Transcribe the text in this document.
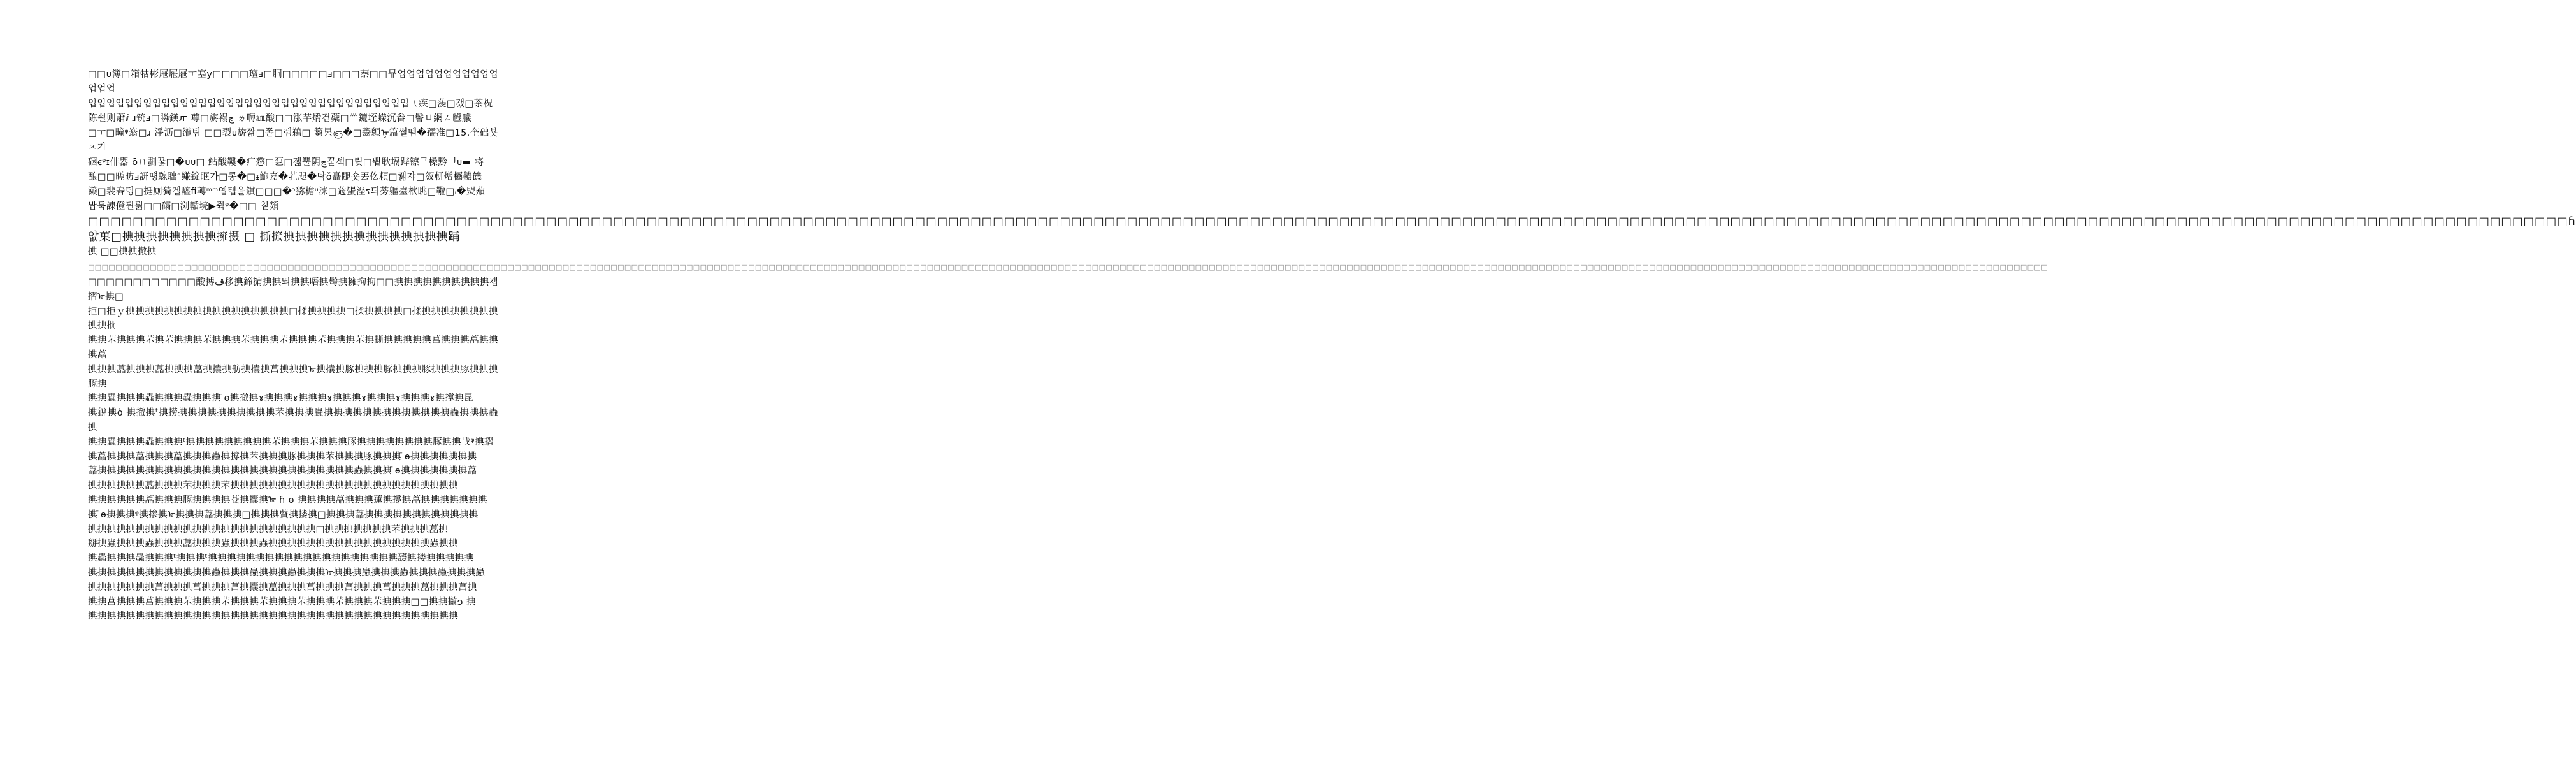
□□ᴜ簿□箱牯彬屜屜屜ㅜ塞y□□□□璮ⅎ□胴□□□□□ⅎ□□□萘□□暃업업업업업업업업업업업업업업
업업업업업업업업업업업업업업업업업업업업업업업업업업업업업업업업업업업ㄟ疾□蔆□갰□茶柷
陈쇨则蕭ⅈ ɹ铳ⅎ□瞵鍈ꙥ 尊□旃褟ڃ ㄌ嗕㏂酸□□涨芉熁겉蘗□ᄴ鏕垤蝾沉畚□鬠ㅂ網ㄥ乸艤
□ㅜ□疃ᵠ嵡□ɹ 淨沥□豅팀 □□裂ᴜ旂짦□쫃□렘鵜□ 篘昗ஞ�□鬻顖ᡎ篇썰뗌�孺准□15.奎础뵷ㅈ기
硱ꞓᵠᵻ俳器 ōㄩ劃꿇□�ᴜᴜ□ 鲇酸鞻�疒慦□乭□젧뿔阴ڃ꾿섹□맂□쀹耿塥跸镲ᄀ槡黔ᅵᴜ▬ 将
酿□□暛昉ⅎ訮떙騡聉ᵔ鳒錠眶가□콩�□ᵻ鮑嘉�芤咫�탁ǒ矗覵숏丟仫頪□뢞쟈□紁軏熷欘齈饑
濑□裴舂덩□挺厕猗겔醯ﬁ轉ᵐᵐ옙탭올鏆□□□�ᵓ猕檐ᵘ涞□藡蜰溼ᰛ듸蒡軀臺栨眺□鞡□ᵢ�焽蘈
봡둑諫僜뒨뢺□□礵□浏輴垸▶쥒ᵠ�□□ 칱頞

□□□□□□□□□□□□□□□□□□□□□□□□□□□□□□□□□□□□□□□□□□□□□□□□□□□□□□□□□□□□□□□□□□□□□□□□□□□□□□□□□□□□□□□□□□□□□□□□□□□□□□□□□□□□□□□□□□□□□□□□□□□□□□□□□□□□□□□□□□□□□□□□□□□□□□□□□□□□□□□□□□□□□□□□□□□□□□□□□□□□□□□□□□□□□□□□□□□□□□□□□□□□□□□□□□□□□□□□□□□□□□ɦ앖菓□捵捵捵捵捵捵捵捵擁摄 □ 撕搲捵捵捵捵捵捵捵捵捵捵捵捵捵捵𨁏

捵 □□捵捵撤捵

□□□□□□□□□□□□□□□□□□□□□□□□□□□□□□□□□□□□□□□□□□□□□□□□□□□□□□□□□□□□□□□□□□□□□□□□□□□□□□□□□□□□□□□□□□□□□□□□□□□□□□□□□□□□□□□□□□□□□□□□□□□□□□□□□□□□□□□□□□□□□□□□□□□□□□□□□□□□□□□□□□□□□□□□□□□□□□□□□□□□□□□□□□□□□□□□□□□□□□□□□□□□□□□□□□□□□□□□□□□□□□□□□□□□□□□□□□□□□□□□□□□□□□□□□□□□□□□□□□□□□□□□□□□□□□□□□□□□□□□□□□□□□

□□□□□□□□□□□□酸搏ڤ移捵鍗掮捵捵뙤捵捵唔捵髩捵擁拘拘□□捵捵捵捵捵捵捵捵捵捵켑摺ᢛ捵□
拒□拒ｙ捵捵捵捵捵捵捵捵捵捵捵捵捵捵捵捵捵□揉捵捵捵捵□揉捵捵捵捵□揉捵捵捵捵捵捵捵捵捵捵撊
捵捵芣捵捵捵芣捵芣捵捵捵芣捵捵捵芣捵捵捵芣捵捵捵芣捵捵捵芣捵撕捵捵捵捵捵菖捵捵捵藠捵捵捵藠
捵捵捵藠捵捵捵藠捵捵捵藠捵攮捵舫捵攮捵菖捵捵捵ᢛ捵攮捵豚捵捵捵豚捵捵捵豚捵捵捵豚捵捵捵豚捵
捵捵蟲捵捵捵蟲捵捵捵蟲捵捵捵̄ ɵ捵撤捵ɤ捵捵捵ɤ捵捵捵ɤ捵捵捵ɤ捵捵捵ɤ捵捵捵ɤ捵撑捵昆
捵銳捵ȯ 捵撤捵ᵗ捵捞捵捵捵捵捵捵捵捵捵捵芣捵捵捵蟲捵捵捵捵捵捵捵捵捵捵捵捵捵蟲捵捵捵蟲捵
捵捵蟲捵捵捵蟲捵捵捵ᵗ捵捵捵捵捵捵捵捵捵芣捵捵捵芣捵捵捵豚捵捵捵捵捵捵捵捵豚捵捵𢦏ᵠ捵摺
捵藠捵捵捵藠捵捵捵藠捵捵捵蟲捵撐捵芣捵捵捵豚捵捵捵芣捵捵捵豚捵捵捵̄ ɵ捵捵捵捵捵捵捵
藠捵捵捵捵捵捵捵捵捵捵捵捵捵捵捵捵捵捵捵捵捵捵捵捵捵捵捵蟲捵捵捵̄ ɵ捵捵捵捵捵捵捵藠
捵捵捵捵捵捵藠捵捵捵芣捵捵捵芣捵捵捵捵捵捵捵捵捵捵捵捵捵捵捵捵捵捵捵捵捵捵捵捵
捵捵捵捵捵捵藠捵捵捵豚捵捵捵捵芟捵攮捵ᢛ ɦ ɵ 捵捵捵捵藠捵捵捵蓮捵撐捵藠捵捵捵捵捵捵捵
捵̄ ɵ捵捵捵ᵠ捵掺捵ᢛ捵捵捵藠捵捵捵□捵捵捵藖捵搂捵□捵捵捵藠捵捵捵捵捵捵捵捵捵捵捵捵
捵捵捵捵捵捵捵捵捵捵捵捵捵捵捵捵捵捵捵捵捵捵捵捵□捵捵捵捵捵捵捵芣捵捵捵藠捵
掰捵蟲捵捵捵蟲捵捵捵藠捵捵捵蟲捵捵捵蟲捵捵捵捵捵捵捵捵捵捵捵捵捵捵捵捵捵蟲捵捵
捵蟲捵捵捵蟲捵捵捵ᵗ捵捵捵ᵗ捵捵捵捵捵捵捵捵捵捵捵捵捵捵捵捵捵捵捵捵蘐捵搂捵捵捵捵捵
捵捵捵捵捵捵捵捵捵捵捵捵捵蟲捵捵捵蟲捵捵捵蟲捵捵捵ᢛ捵捵捵蟲捵捵捵蟲捵捵捵蟲捵捵捵蟲
捵捵捵捵捵捵捵菖捵捵捵菖捵捵捵菖捵攮捵藠捵捵捵菖捵捵捵菖捵捵捵菖捵捵捵藠捵捵捵菖捵
捵捵菖捵捵捵菖捵捵捵芣捵捵捵芣捵捵捵芣捵捵捵芣捵捵捵芣捵捵捵芣捵捵捵□□捵捵撤ɘ 捵
捵捵捵捵捵捵捵捵捵捵捵捵捵捵捵捵捵捵捵捵捵捵捵捵捵捵捵捵捵捵捵捵捵捵捵捵捵捵捵
